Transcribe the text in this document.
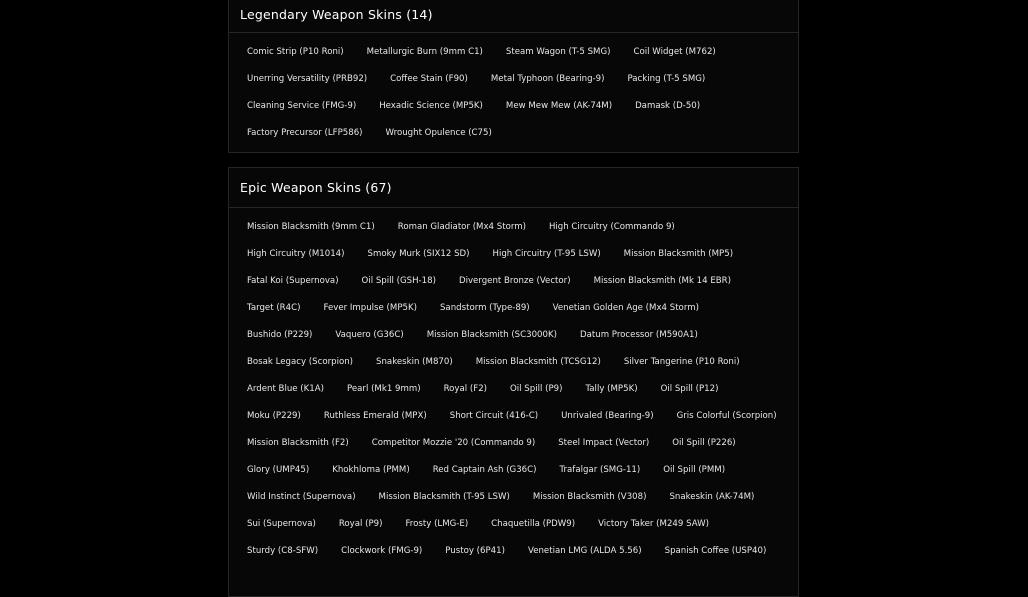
Legendary Weapon Skins (14)
Comic Strip (P10 Roni)	Metallurgic Burn (9mm C1)	Steam Wagon (T-5 SMG)	Coil Widget (M762)
Unerring Versatility (PRB92)	Coffee Stain (F90)	Metal Typhoon (Bearing-9)	Packing (T-5 SMG)
Cleaning Service (FMG-9)	Hexadic Science (MP5K)	Mew Mew Mew (AK-74M)	Damask (D-50)
Factory Precursor (LFP586)	Wrought Opulence (C75)
Epic Weapon Skins (67)
Mission Blacksmith (9mm C1)	Roman Gladiator (Mx4 Storm)	High Circuitry (Commando 9)
High Circuitry (M1014)	Smoky Murk (SIX12 SD)	High Circuitry (T-95 LSW)	Mission Blacksmith (MP5)
Fatal Koi (Supernova)	Oil Spill (GSH-18)	Divergent Bronze (Vector)	Mission Blacksmith (Mk 14 EBR)
Target (R4C)	Fever Impulse (MP5K)	Sandstorm (Type-89)	Venetian Golden Age (Mx4 Storm)
Bushido (P229)	Vaquero (G36C)	Mission Blacksmith (SC3000K)	Datum Processor (M590A1)
Bosak Legacy (Scorpion)	Snakeskin (M870)	Mission Blacksmith (TCSG12)	Silver Tangerine (P10 Roni)
Ardent Blue (K1A)	Pearl (Mk1 9mm)	Royal (F2)	Oil Spill (P9)	Tally (MP5K)	Oil Spill (P12)
Moku (P229)	Ruthless Emerald (MPX)	Short Circuit (416-C)	Unrivaled (Bearing-9)	Gris Colorful (Scorpion)
Mission Blacksmith (F2)	Competitor Mozzie '20 (Commando 9)	Steel Impact (Vector)	Oil Spill (P226)
Glory (UMP45)	Khokhloma (PMM)	Red Captain Ash (G36C)	Trafalgar (SMG-11)	Oil Spill (PMM)
Wild Instinct (Supernova)	Mission Blacksmith (T-95 LSW)	Mission Blacksmith (V308)	Snakeskin (AK-74M)
Sui (Supernova)	Royal (P9)	Frosty (LMG-E)	Chaquetilla (PDW9)	Victory Taker (M249 SAW)
Sturdy (C8-SFW)	Clockwork (FMG-9)	Pustoy (6P41)	Venetian LMG (ALDA 5.56)	Spanish Coffee (USP40)
